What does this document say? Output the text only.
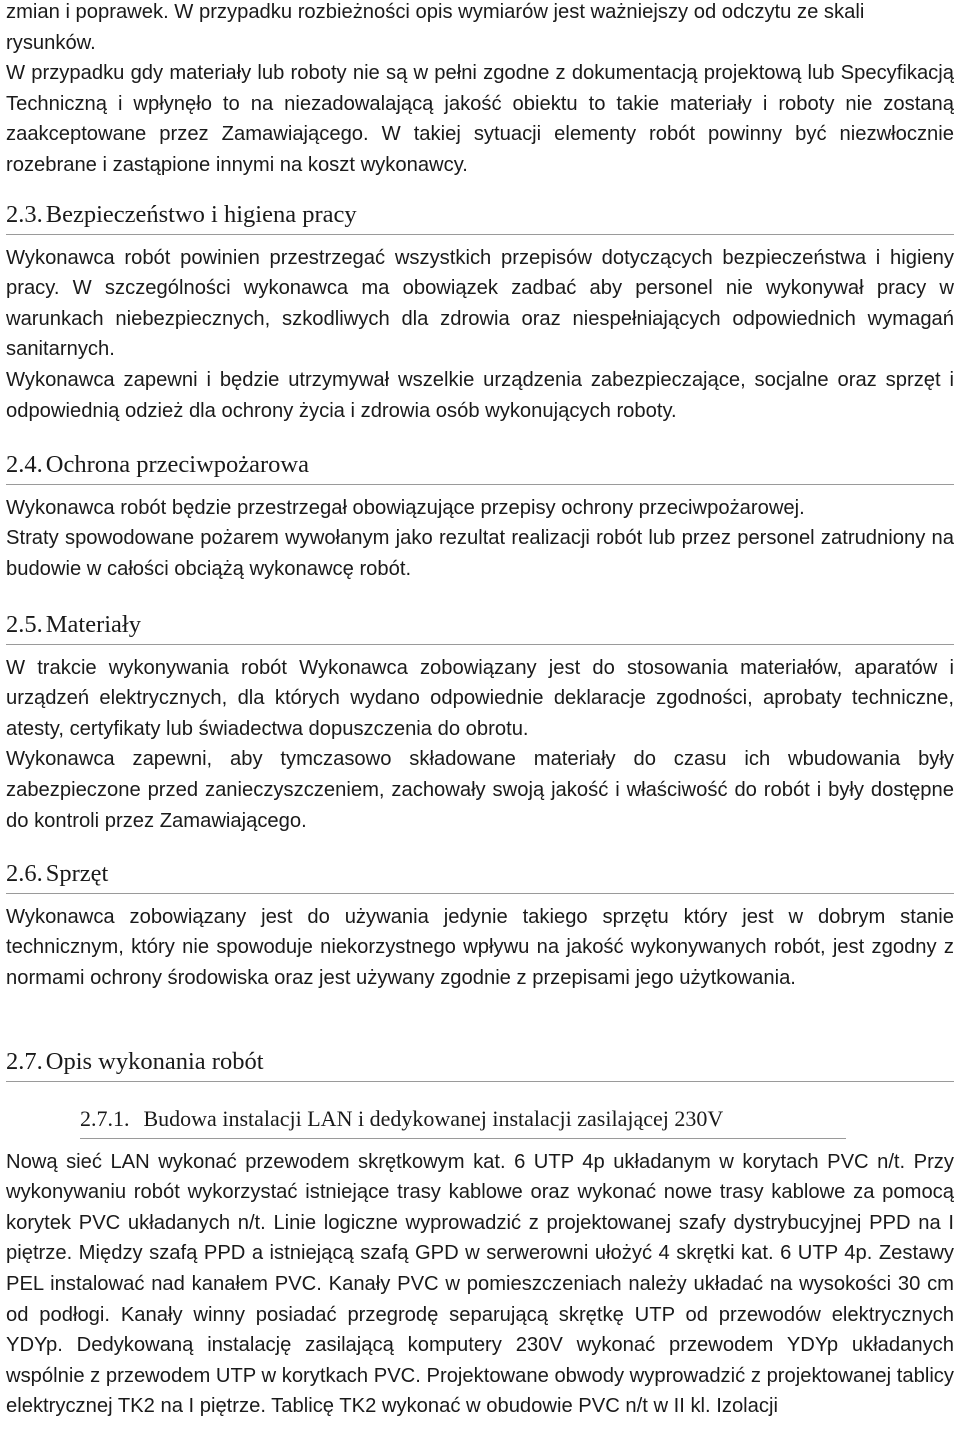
zmian i poprawek. W przypadku rozbieżności opis wymiarów jest ważniejszy od odczytu ze skali rysunków.

W przypadku gdy materiały lub roboty nie są w pełni zgodne z dokumentacją projektową lub Specyfikacją Techniczną i wpłynęło to na niezadowalającą jakość obiektu to takie materiały i roboty nie zostaną zaakceptowane przez Zamawiającego. W takiej sytuacji elementy robót powinny być niezwłocznie rozebrane i zastąpione innymi na koszt wykonawcy.

2.3. Bezpieczeństwo i higiena pracy

Wykonawca robót powinien przestrzegać wszystkich przepisów dotyczących bezpieczeństwa i higieny pracy. W szczególności wykonawca ma obowiązek zadbać aby personel nie wykonywał pracy w warunkach niebezpiecznych, szkodliwych dla zdrowia oraz niespełniających odpowiednich wymagań sanitarnych.

Wykonawca zapewni i będzie utrzymywał wszelkie urządzenia zabezpieczające, socjalne oraz sprzęt i odpowiednią odzież dla ochrony życia i zdrowia osób wykonujących roboty.

2.4. Ochrona przeciwpożarowa

Wykonawca robót będzie przestrzegał obowiązujące przepisy ochrony przeciwpożarowej.

Straty spowodowane pożarem wywołanym jako rezultat realizacji robót lub przez personel zatrudniony na budowie w całości obciążą wykonawcę robót.

2.5. Materiały

W trakcie wykonywania robót Wykonawca zobowiązany jest do stosowania materiałów, aparatów i urządzeń elektrycznych, dla których wydano odpowiednie deklaracje zgodności, aprobaty techniczne, atesty, certyfikaty lub świadectwa dopuszczenia do obrotu.

Wykonawca zapewni, aby tymczasowo składowane materiały do czasu ich wbudowania były zabezpieczone przed zanieczyszczeniem, zachowały swoją jakość i właściwość do robót i były dostępne do kontroli przez Zamawiającego.

2.6. Sprzęt

Wykonawca zobowiązany jest do używania jedynie takiego sprzętu który jest w dobrym stanie technicznym, który nie spowoduje niekorzystnego wpływu na jakość wykonywanych robót, jest zgodny z normami ochrony środowiska oraz jest używany zgodnie z przepisami jego użytkowania.

2.7. Opis wykonania robót
2.7.1. Budowa instalacji LAN i dedykowanej instalacji zasilającej 230V

Nową sieć LAN wykonać przewodem skrętkowym kat. 6 UTP 4p układanym w korytach PVC n/t. Przy wykonywaniu robót wykorzystać istniejące trasy kablowe oraz wykonać nowe trasy kablowe za pomocą korytek PVC układanych n/t. Linie logiczne wyprowadzić z projektowanej szafy dystrybucyjnej PPD na I piętrze. Między szafą PPD a istniejącą szafą GPD w serwerowni ułożyć 4 skrętki kat. 6 UTP 4p. Zestawy PEL instalować nad kanałem PVC. Kanały PVC w pomieszczeniach należy układać na wysokości 30 cm od podłogi. Kanały winny posiadać przegrodę separującą skrętkę UTP od przewodów elektrycznych YDYp. Dedykowaną instalację zasilającą komputery 230V wykonać przewodem YDYp układanych wspólnie z przewodem UTP w korytkach PVC. Projektowane obwody wyprowadzić z projektowanej tablicy elektrycznej TK2 na I piętrze. Tablicę TK2 wykonać w obudowie PVC n/t w II kl. Izolacji
